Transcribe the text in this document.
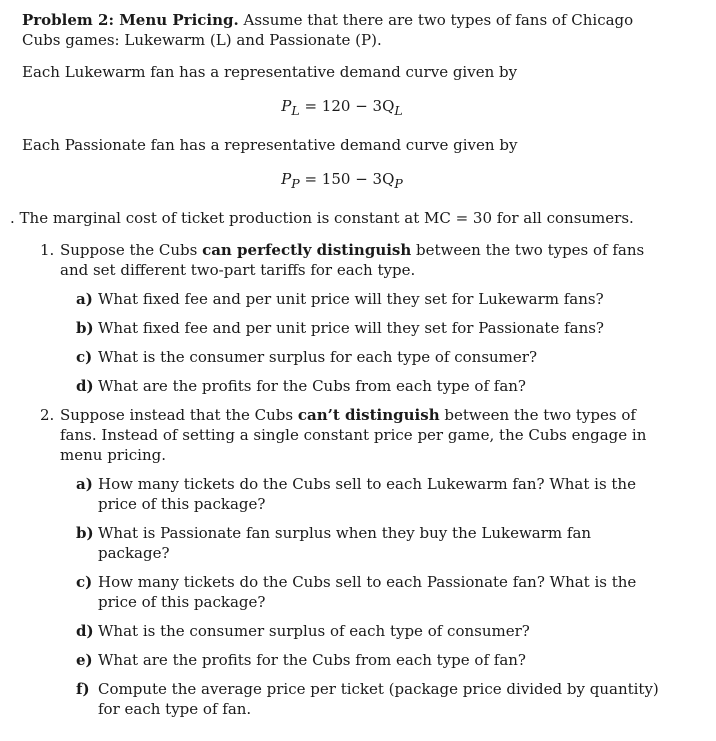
Problem 2: Menu Pricing. Assume that there are two types of fans of Chicago Cubs games: Lukewarm (L) and Passionate (P).

Each Lukewarm fan has a representative demand curve given by

$P_L = 120 - 3Q_L$

Each Passionate fan has a representative demand curve given by

$P_P = 150 - 3Q_P$

. The marginal cost of ticket production is constant at MC = 30 for all consumers.

1. Suppose the Cubs can perfectly distinguish between the two types of fans and set different two-part tariffs for each type.
a) What fixed fee and per unit price will they set for Lukewarm fans?
b) What fixed fee and per unit price will they set for Passionate fans?
c) What is the consumer surplus for each type of consumer?
d) What are the profits for the Cubs from each type of fan?
2. Suppose instead that the Cubs can’t distinguish between the two types of fans. Instead of setting a single constant price per game, the Cubs engage in menu pricing.
a) How many tickets do the Cubs sell to each Lukewarm fan? What is the price of this package?
b) What is Passionate fan surplus when they buy the Lukewarm fan package?
c) How many tickets do the Cubs sell to each Passionate fan? What is the price of this package?
d) What is the consumer surplus of each type of consumer?
e) What are the profits for the Cubs from each type of fan?
f) Compute the average price per ticket (package price divided by quantity) for each type of fan.
